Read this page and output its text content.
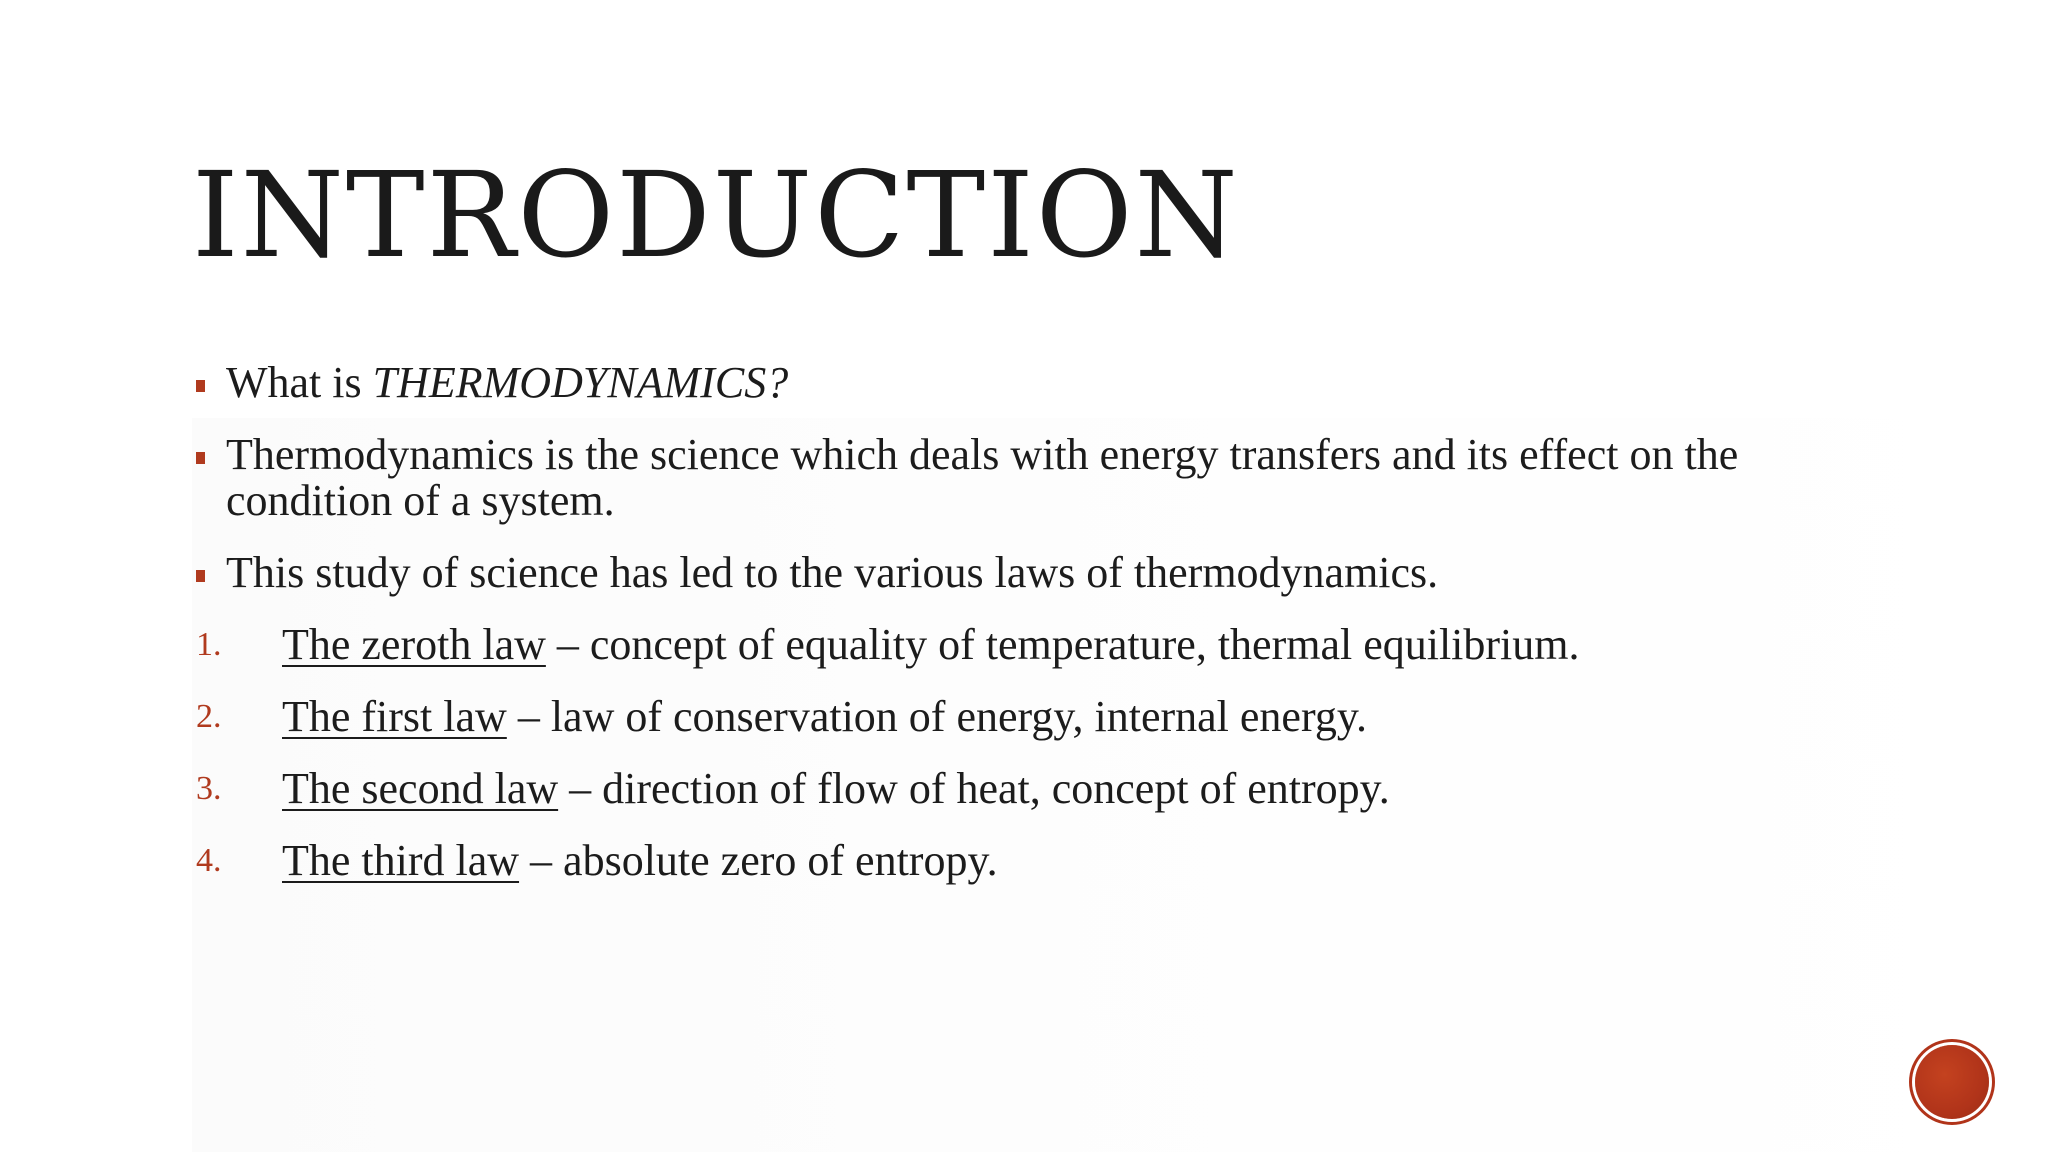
INTRODUCTION
What is THERMODYNAMICS?
Thermodynamics is the science which deals with energy transfers and its effect on the condition of a system.
This study of science has led to the various laws of thermodynamics.
1. The zeroth law – concept of equality of temperature, thermal equilibrium.
2. The first law – law of conservation of energy, internal energy.
3. The second law – direction of flow of heat, concept of entropy.
4. The third law – absolute zero of entropy.
